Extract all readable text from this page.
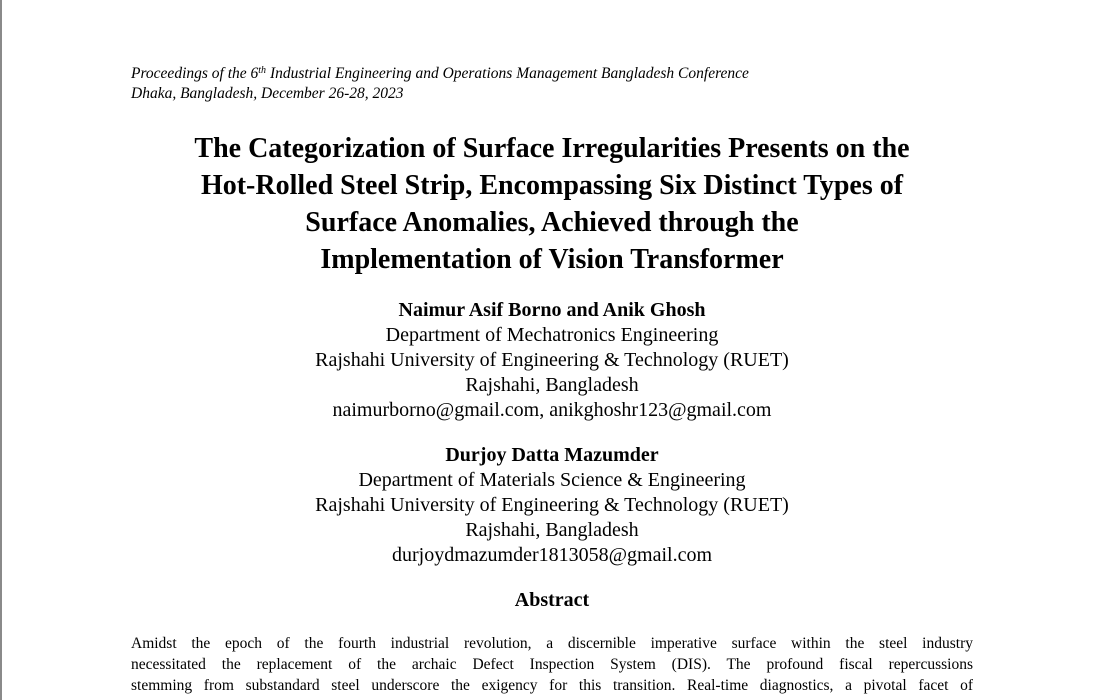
Proceedings of the 6th Industrial Engineering and Operations Management Bangladesh Conference
Dhaka, Bangladesh, December 26-28, 2023
The Categorization of Surface Irregularities Presents on the
Hot-Rolled Steel Strip, Encompassing Six Distinct Types of
Surface Anomalies, Achieved through the
Implementation of Vision Transformer
Naimur Asif Borno and Anik Ghosh
Department of Mechatronics Engineering
Rajshahi University of Engineering & Technology (RUET)
Rajshahi, Bangladesh
naimurborno@gmail.com, anikghoshr123@gmail.com
Durjoy Datta Mazumder
Department of Materials Science & Engineering
Rajshahi University of Engineering & Technology (RUET)
Rajshahi, Bangladesh
durjoydmazumder1813058@gmail.com
Abstract
Amidst the epoch of the fourth industrial revolution, a discernible imperative surface within the steel industry
necessitated the replacement of the archaic Defect Inspection System (DIS). The profound fiscal repercussions
stemming from substandard steel underscore the exigency for this transition. Real-time diagnostics, a pivotal facet of
